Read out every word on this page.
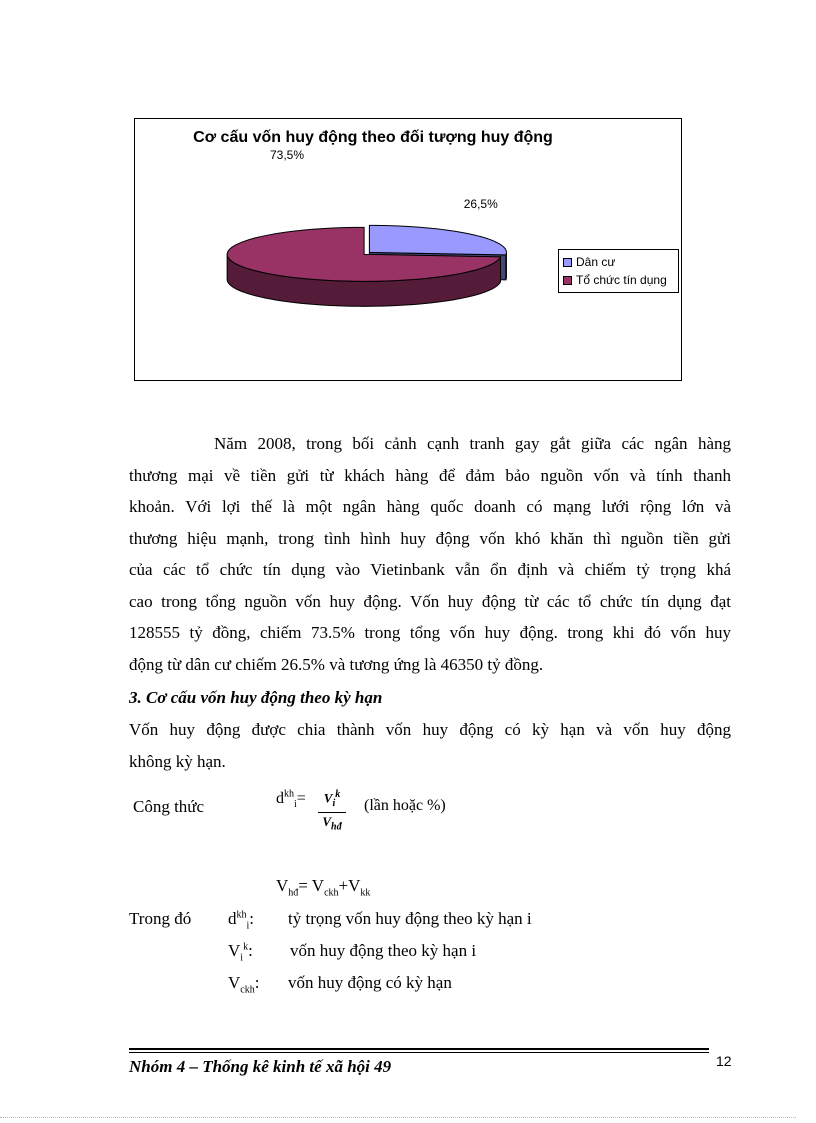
Cơ cấu vốn huy động theo đối tượng huy động
26,5%
73,5%
Dân cư
Tổ chức tín dụng
Năm 2008, trong bối cảnh cạnh tranh gay gắt giữa các ngân hàng
thương mại về tiền gửi từ khách hàng để đảm bảo nguồn vốn và tính thanh
khoản. Với lợi thế là một ngân hàng quốc doanh có mạng lưới rộng lớn và
thương hiệu mạnh, trong tình hình huy động vốn khó khăn thì nguồn tiền gửi
của các tổ chức tín dụng vào Vietinbank vẫn ổn định và chiếm tỷ trọng khá
cao trong tổng nguồn vốn huy động. Vốn huy động từ các tổ chức tín dụng đạt
128555 tỷ đồng, chiếm 73.5% trong tổng vốn huy động. trong khi đó vốn huy
động từ dân cư chiếm 26.5% và tương ứng là 46350 tỷ đồng.
3. Cơ cấu vốn huy động theo kỳ hạn
Vốn huy động được chia thành vốn huy động có kỳ hạn và vốn huy động
không kỳ hạn.
Công thức	$d^{kh}_i=$	$V_i^k$
$V_{hđ}$
(lần hoặc %)
$V_{hđ}= V_{ckh}+V_{kk}$
Trong đó $d^{kh}_i$: tỷ trọng vốn huy động theo kỳ hạn i
$V_i^k$: vốn huy động theo kỳ hạn i
$V_{ckh}$: vốn huy động có kỳ hạn
Nhóm 4 – Thống kê kinh tế xã hội 49	12
